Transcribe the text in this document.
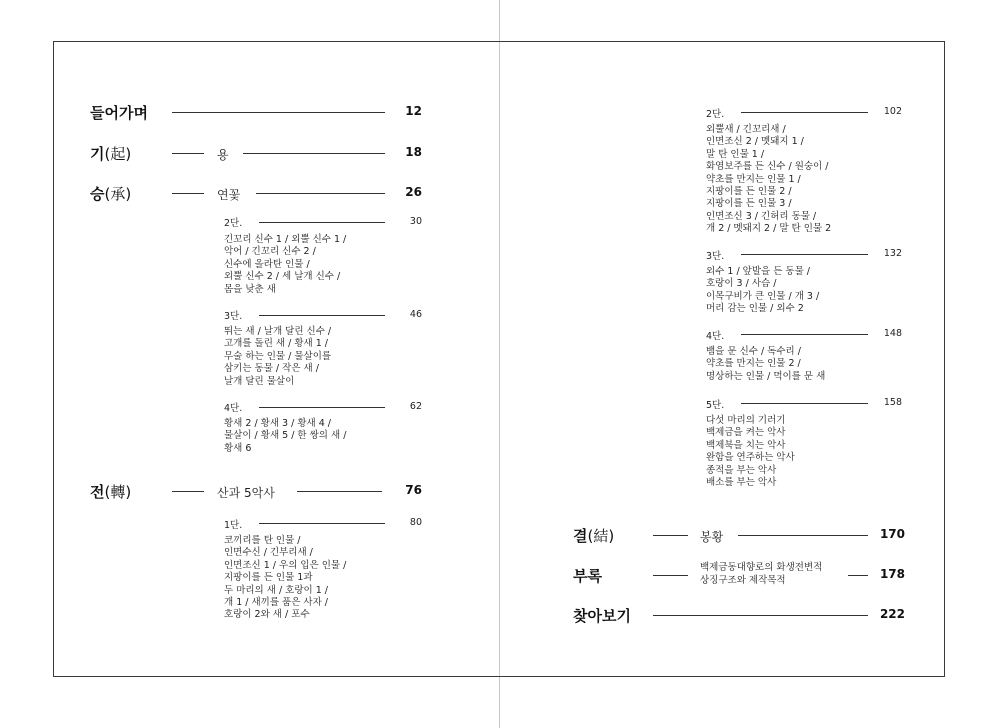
들어가며	12
기(起)	용	18
승(承)	연꽃	26
2단.	30
긴꼬리 신수 1 / 외뿔 신수 1 /
악어 / 긴꼬리 신수 2 /
신수에 올라탄 인물 /
외뿔 신수 2 / 세 날개 신수 /
몸을 낮춘 새
3단.	46
뛰는 새 / 날개 달린 신수 /
고개를 돌린 새 / 황새 1 /
무술 하는 인물 / 물살이를
삼키는 동물 / 작은 새 /
날개 달린 물살이
4단.	62
황새 2 / 황새 3 / 황새 4 /
물살이 / 황새 5 / 한 쌍의 새 /
황새 6
전(轉)	산과 5악사	76
1단.	80
코끼리를 탄 인물 /
인면수신 / 긴부리새 /
인면조신 1 / 우의 입은 인물 /
지팡이를 든 인물 1과
두 마리의 새 / 호랑이 1 /
개 1 / 새끼를 품은 사자 /
호랑이 2와 새 / 포수
2단.	102
외뿔새 / 긴꼬리새 /
인면조신 2 / 멧돼지 1 /
말 탄 인물 1 /
화염보주를 든 신수 / 원숭이 /
약초를 만지는 인물 1 /
지팡이를 든 인물 2 /
지팡이를 든 인물 3 /
인면조신 3 / 긴허리 동물 /
개 2 / 멧돼지 2 / 말 탄 인물 2
3단.	132
외수 1 / 앞발을 든 동물 /
호랑이 3 / 사슴 /
이목구비가 큰 인물 / 개 3 /
머리 감는 인물 / 외수 2
4단.	148
뱀을 문 신수 / 독수리 /
약초를 만지는 인물 2 /
명상하는 인물 / 먹이를 문 새
5단.	158
다섯 마리의 기러기
백제금을 켜는 악사
백제북을 치는 악사
완함을 연주하는 악사
종적을 부는 악사
배소를 부는 악사
결(結)	봉황	170
부록	백제금동대향로의 화생전변적
상징구조와 제작목적	178
찾아보기	222
